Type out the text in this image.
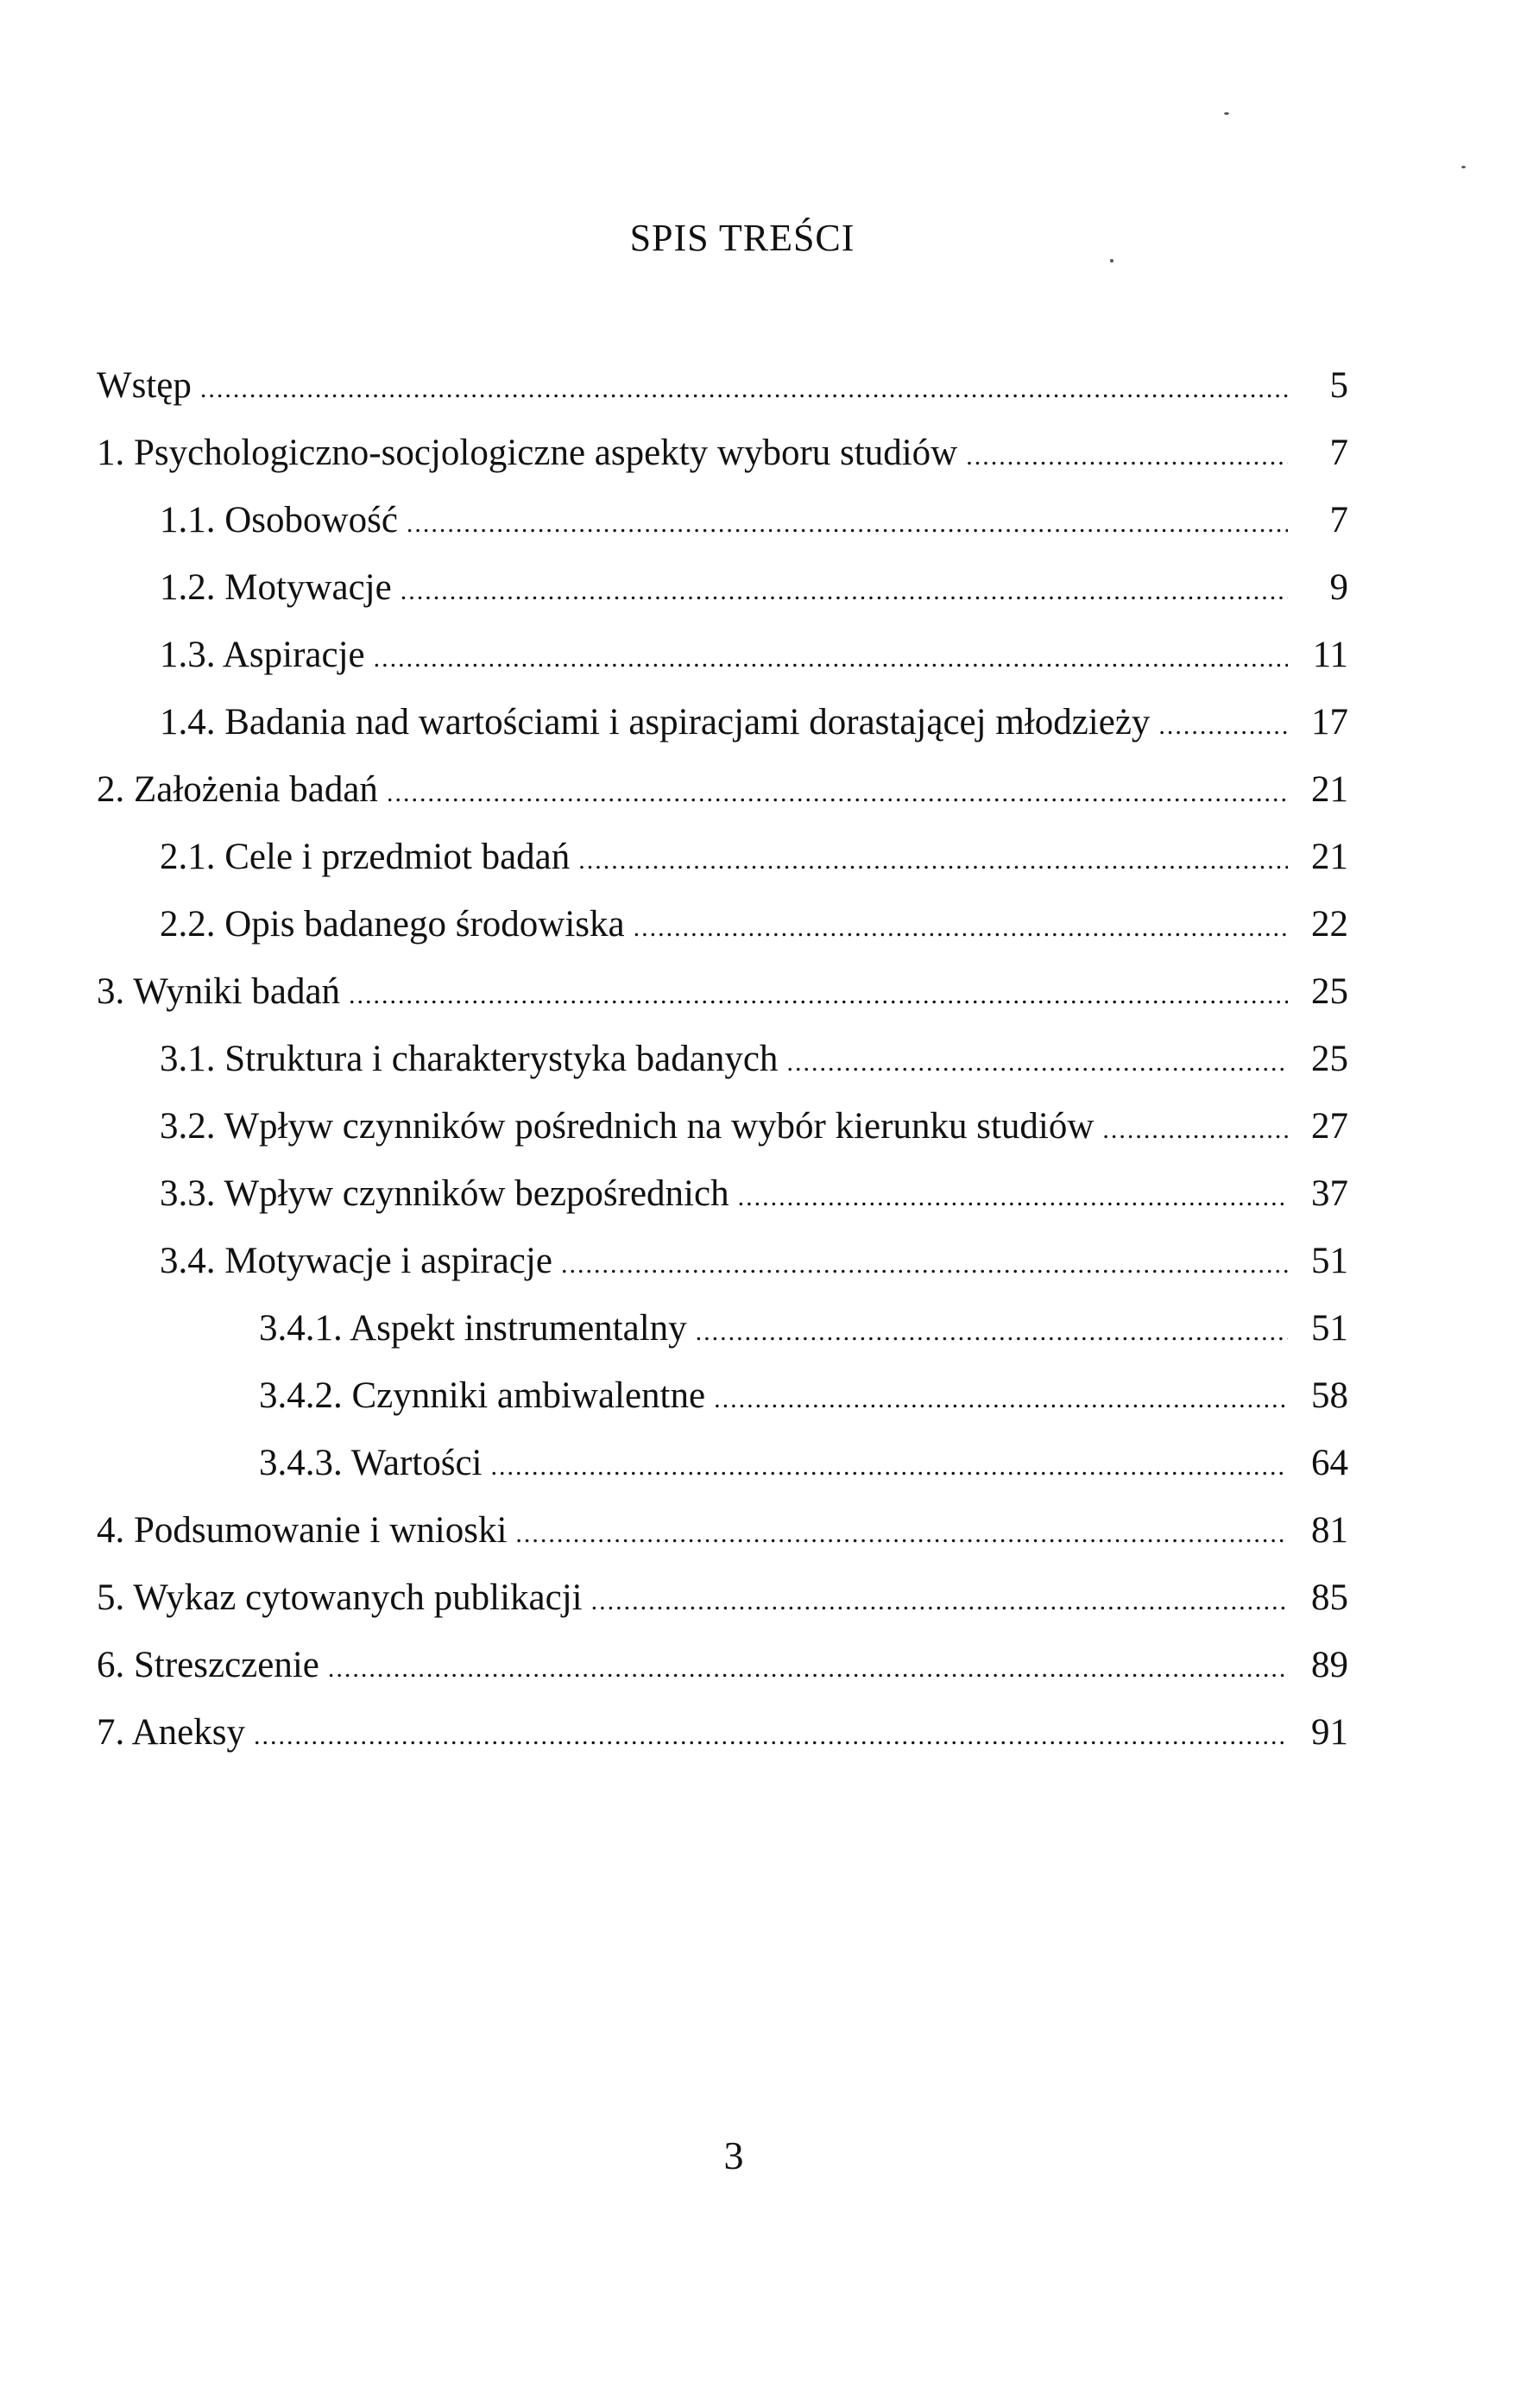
SPIS TREŚCI
Wstęp .....	5
1. Psychologiczno-socjologiczne aspekty wyboru studiów .....	7
1.1. Osobowość .....	7
1.2. Motywacje .....	9
1.3. Aspiracje .....	11
1.4. Badania nad wartościami i aspiracjami dorastającej młodzieży .....	17
2. Założenia badań .....	21
2.1. Cele i przedmiot badań .....	21
2.2. Opis badanego środowiska .....	22
3. Wyniki badań .....	25
3.1. Struktura i charakterystyka badanych .....	25
3.2. Wpływ czynników pośrednich na wybór kierunku studiów .....	27
3.3. Wpływ czynników bezpośrednich .....	37
3.4. Motywacje i aspiracje .....	51
3.4.1. Aspekt instrumentalny .....	51
3.4.2. Czynniki ambiwalentne .....	58
3.4.3. Wartości .....	64
4. Podsumowanie i wnioski .....	81
5. Wykaz cytowanych publikacji .....	85
6. Streszczenie .....	89
7. Aneksy .....	91
3
